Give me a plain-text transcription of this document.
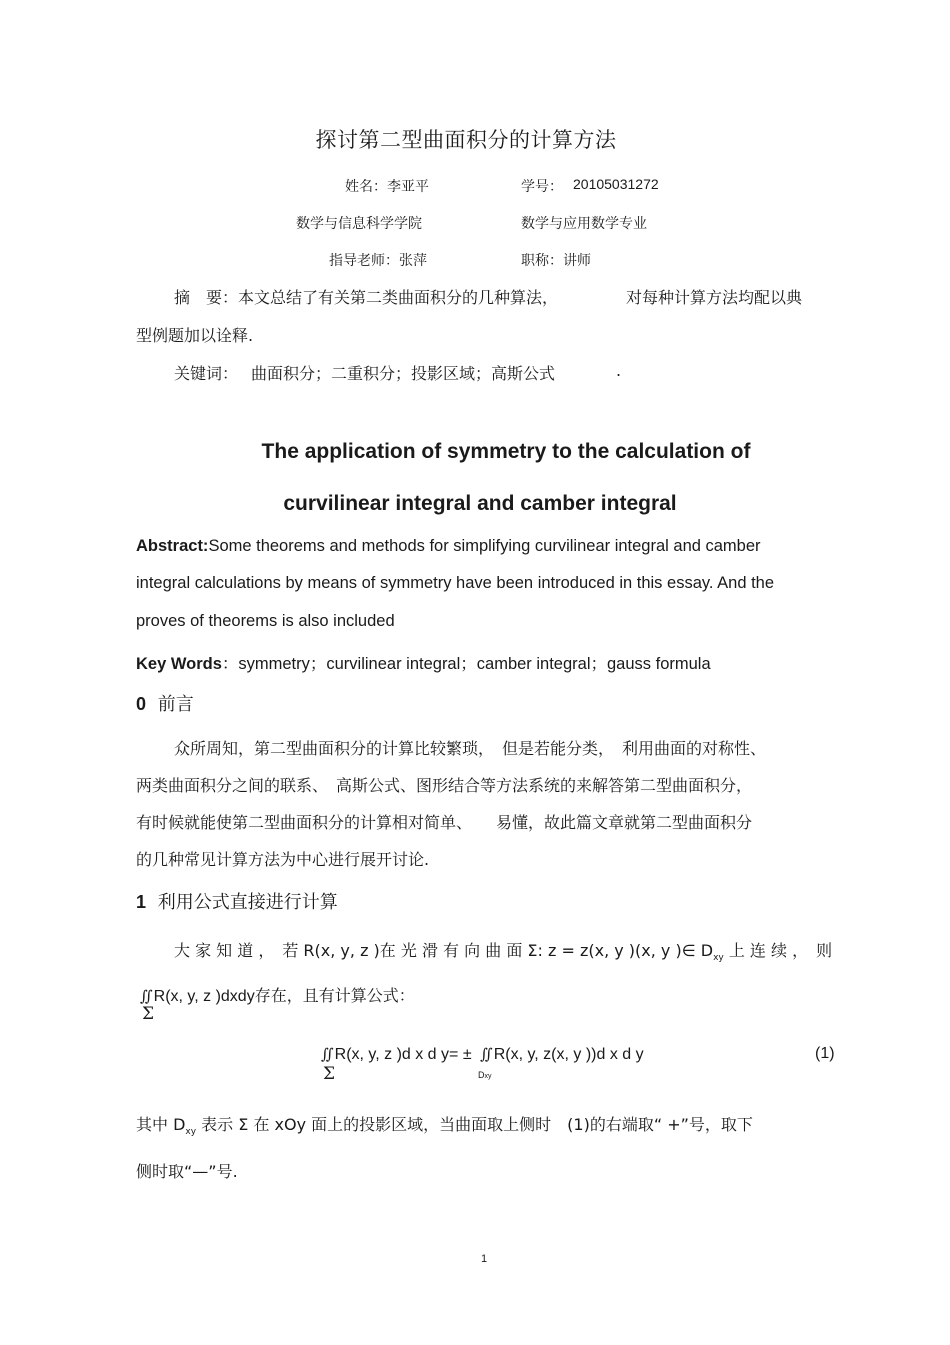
探讨第二型曲面积分的计算方法
姓名：李亚平	学号： 20105031272
数学与信息科学学院	数学与应用数学专业
指导老师：张萍	职称：讲师
摘　要：本文总结了有关第二类曲面积分的几种算法，	对每种计算方法均配以典
型例题加以诠释.
关键词： 曲面积分；二重积分；投影区域；高斯公式	.
The application of symmetry to the calculation of
curvilinear integral and camber integral
Abstract:Some theorems and methods for simplifying curvilinear integral and camber
integral calculations by means of symmetry have been introduced in this essay. And the
proves of theorems is also included
Key Words：symmetry；curvilinear integral；camber integral；gauss formula
0 前言
众所周知，第二型曲面积分的计算比较繁琐，　但是若能分类，　利用曲面的对称性、
两类曲面积分之间的联系、　高斯公式、图形结合等方法系统的来解答第二型曲面积分，
有时候就能使第二型曲面积分的计算相对简单、　　易懂，故此篇文章就第二型曲面积分
的几种常见计算方法为中心进行展开讨论.
1 利用公式直接进行计算
大 家 知 道 ，　若 R(x, y, z )在 光 滑 有 向 曲 面 Σ: z = z(x, y )(x, y )∈ $D_{xy}$ 上 连 续 ，　则
∫∫ R(x, y, z )dxdy存在，且有计算公式：
Σ
∫∫ R(x, y, z )d x d y= ± ∫∫ R(x, y, z(x, y ))d x d y
Σ	Dxy
(1)
其中 $D_{xy}$ 表示 Σ 在 xOy 面上的投影区域，当曲面取上侧时　(1)的右端取“ +”号，取下
侧时取“—”号.
1
